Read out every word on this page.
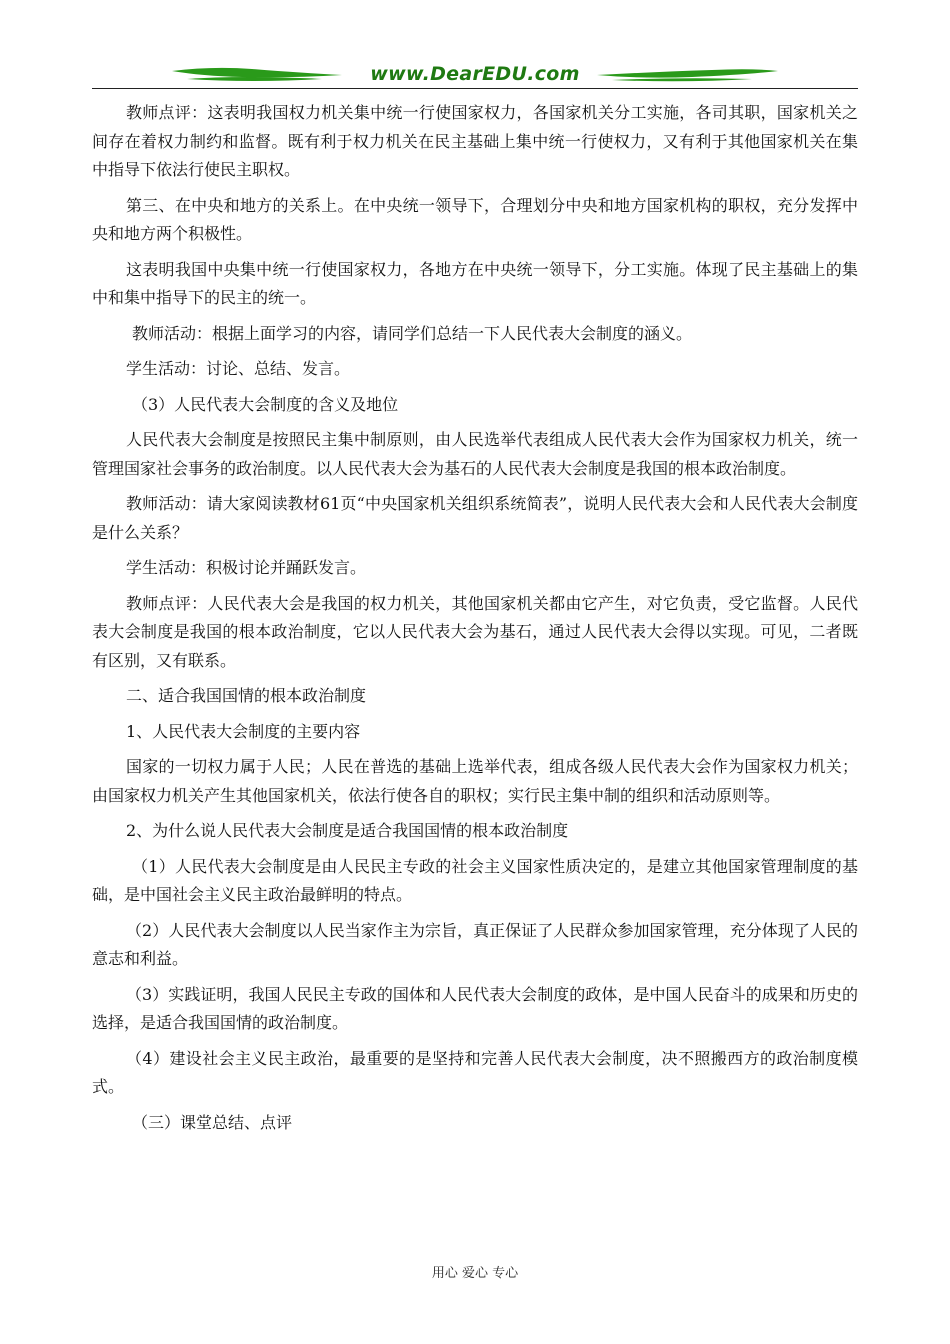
www.DearEDU.com

教师点评：这表明我国权力机关集中统一行使国家权力，各国家机关分工实施，各司其职，国家机关之间存在着权力制约和监督。既有利于权力机关在民主基础上集中统一行使权力，又有利于其他国家机关在集中指导下依法行使民主职权。

第三、在中央和地方的关系上。在中央统一领导下，合理划分中央和地方国家机构的职权，充分发挥中央和地方两个积极性。

这表明我国中央集中统一行使国家权力，各地方在中央统一领导下，分工实施。体现了民主基础上的集中和集中指导下的民主的统一。

教师活动：根据上面学习的内容，请同学们总结一下人民代表大会制度的涵义。

学生活动：讨论、总结、发言。

（3）人民代表大会制度的含义及地位

人民代表大会制度是按照民主集中制原则，由人民选举代表组成人民代表大会作为国家权力机关，统一管理国家社会事务的政治制度。以人民代表大会为基石的人民代表大会制度是我国的根本政治制度。

教师活动：请大家阅读教材61页“中央国家机关组织系统简表”，说明人民代表大会和人民代表大会制度是什么关系？

学生活动：积极讨论并踊跃发言。

教师点评：人民代表大会是我国的权力机关，其他国家机关都由它产生，对它负责，受它监督。人民代表大会制度是我国的根本政治制度，它以人民代表大会为基石，通过人民代表大会得以实现。可见，二者既有区别，又有联系。

二、适合我国国情的根本政治制度

1、人民代表大会制度的主要内容

国家的一切权力属于人民；人民在普选的基础上选举代表，组成各级人民代表大会作为国家权力机关；由国家权力机关产生其他国家机关，依法行使各自的职权；实行民主集中制的组织和活动原则等。

2、为什么说人民代表大会制度是适合我国国情的根本政治制度

（1）人民代表大会制度是由人民民主专政的社会主义国家性质决定的，是建立其他国家管理制度的基础，是中国社会主义民主政治最鲜明的特点。

（2）人民代表大会制度以人民当家作主为宗旨，真正保证了人民群众参加国家管理，充分体现了人民的意志和利益。

（3）实践证明，我国人民民主专政的国体和人民代表大会制度的政体，是中国人民奋斗的成果和历史的选择，是适合我国国情的政治制度。

（4）建设社会主义民主政治，最重要的是坚持和完善人民代表大会制度，决不照搬西方的政治制度模式。

（三）课堂总结、点评

用心 爱心 专心
